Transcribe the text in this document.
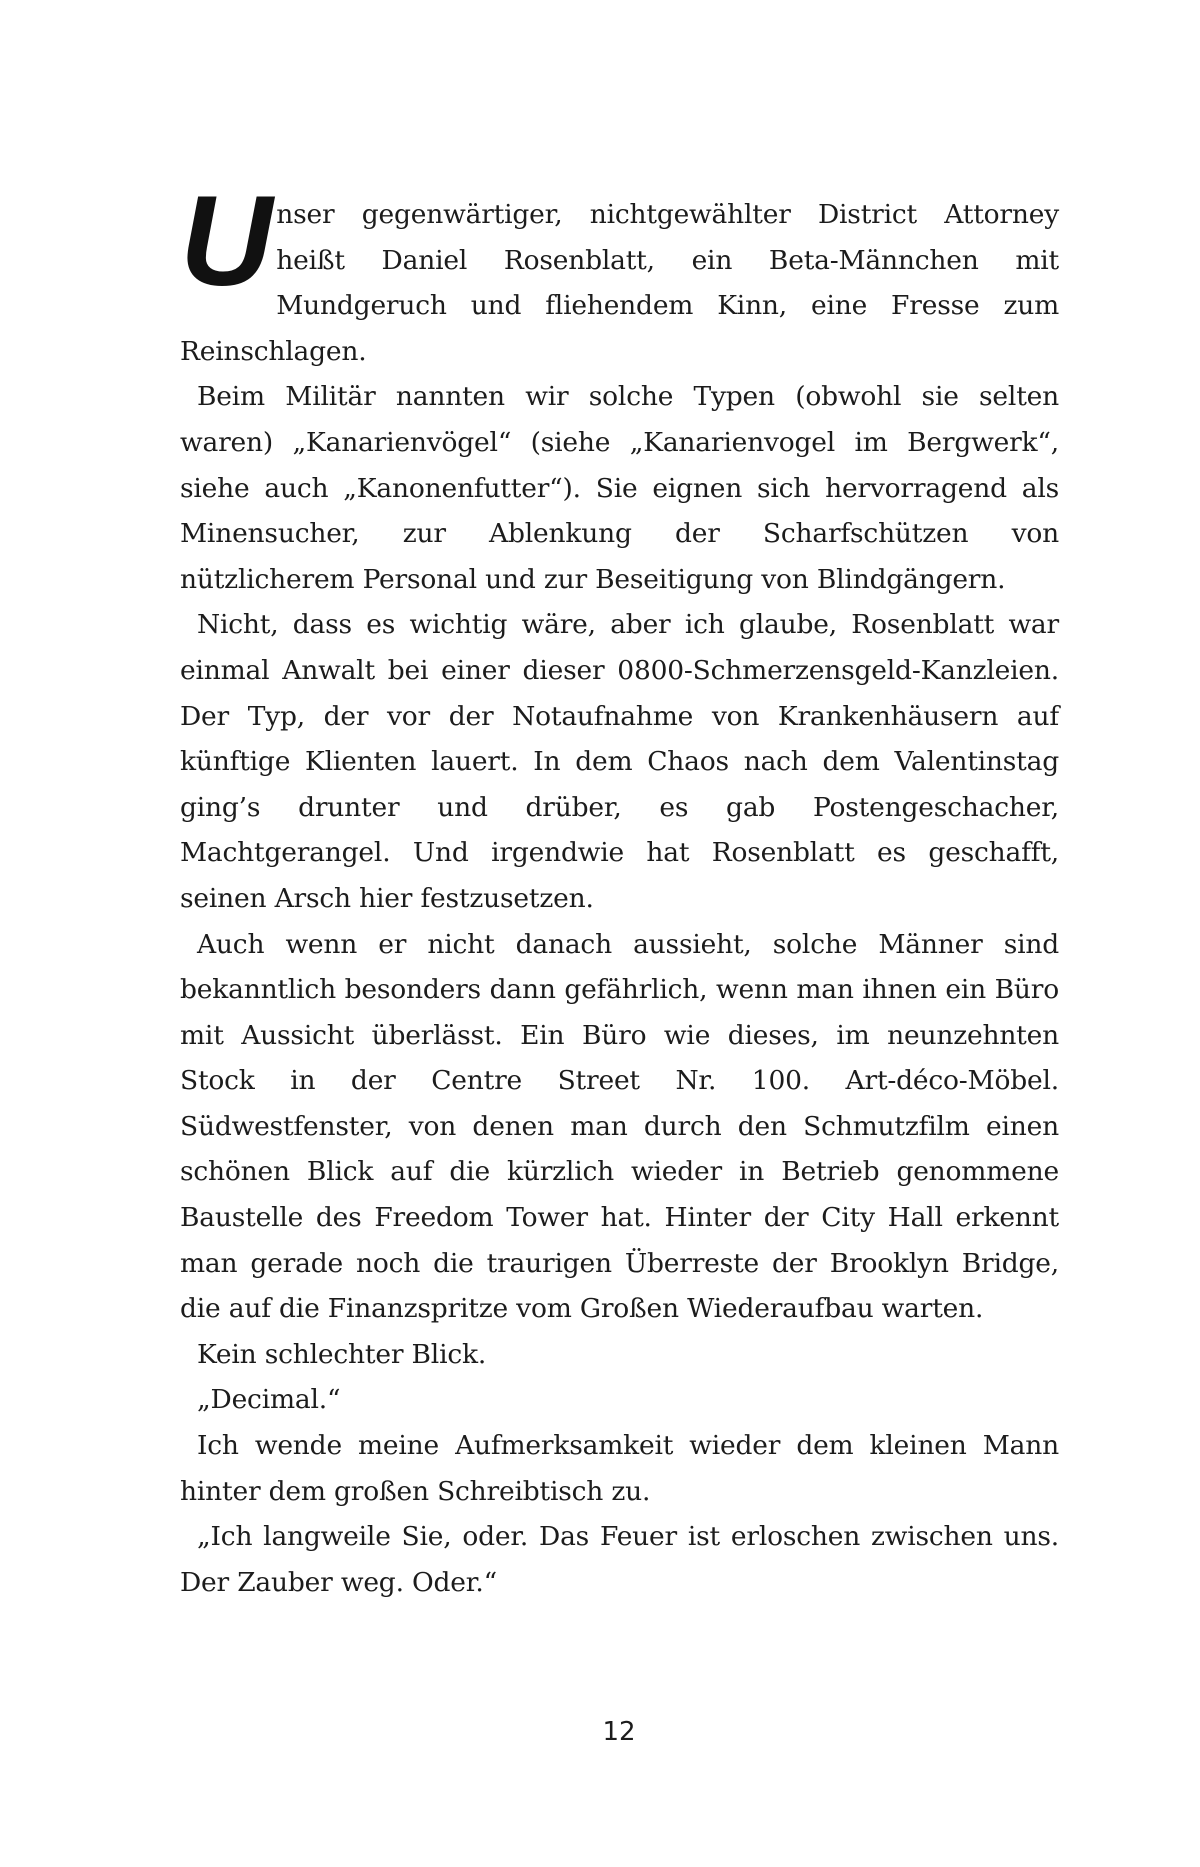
Unser gegenwärtiger, nichtgewählter District Attorney heißt Daniel Rosenblatt, ein Beta-Männchen mit Mundgeruch und fliehendem Kinn, eine Fresse zum Reinschlagen.

Beim Militär nannten wir solche Typen (obwohl sie selten waren) „Kanarienvögel“ (siehe „Kanarienvogel im Bergwerk“, siehe auch „Kanonenfutter“). Sie eignen sich hervorragend als Minensucher, zur Ablenkung der Scharfschützen von nützlicherem Personal und zur Beseitigung von Blindgängern.

Nicht, dass es wichtig wäre, aber ich glaube, Rosenblatt war einmal Anwalt bei einer dieser 0800-Schmerzensgeld-Kanzleien. Der Typ, der vor der Notaufnahme von Krankenhäusern auf künftige Klienten lauert. In dem Chaos nach dem Valentinstag ging’s drunter und drüber, es gab Postengeschacher, Machtgerangel. Und irgendwie hat Rosenblatt es geschafft, seinen Arsch hier festzusetzen.

Auch wenn er nicht danach aussieht, solche Männer sind bekanntlich besonders dann gefährlich, wenn man ihnen ein Büro mit Aussicht überlässt. Ein Büro wie dieses, im neunzehnten Stock in der Centre Street Nr. 100. Art-déco-Möbel. Südwestfenster, von denen man durch den Schmutzfilm einen schönen Blick auf die kürzlich wieder in Betrieb genommene Baustelle des Freedom Tower hat. Hinter der City Hall erkennt man gerade noch die traurigen Überreste der Brooklyn Bridge, die auf die Finanzspritze vom Großen Wiederaufbau warten.

Kein schlechter Blick.

„Decimal.“

Ich wende meine Aufmerksamkeit wieder dem kleinen Mann hinter dem großen Schreibtisch zu.

„Ich langweile Sie, oder. Das Feuer ist erloschen zwischen uns. Der Zauber weg. Oder.“

12
